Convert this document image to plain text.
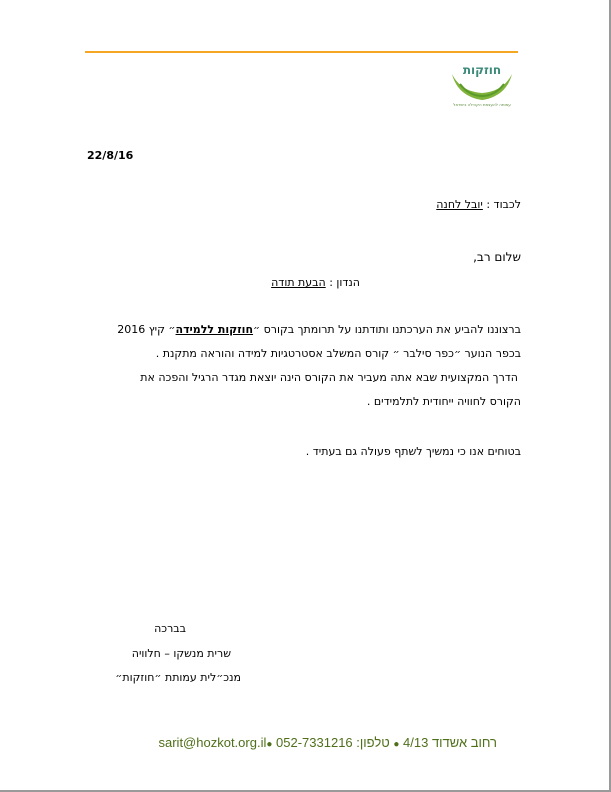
חוזקות
עמותה להעצמת הקהילה בישראל
22/8/16
לכבוד : יובל לחנה
שלום רב,
הנדון : הבעת תודה
ברצוננו להביע את הערכתנו ותודתנו על תרומתך בקורס ״חוזקות ללמידה״ קיץ 2016
בכפר הנוער ״כפר סילבר ״ קורס המשלב אסטרטגיות למידה והוראה מתקנת .
הדרך המקצועית שבא אתה מעביר את הקורס הינה יוצאת מגדר הרגיל והפכה את
הקורס לחוויה ייחודית לתלמידים .
בטוחים אנו כי נמשיך לשתף פעולה גם בעתיד .
בברכה
שרית מנשקו – חלוויה
מנכ״לית עמותת ״חוזקות״
רחוב אשדוד 4/13 ● טלפון: 052-7331216 ●sarit@hozkot.org.il
